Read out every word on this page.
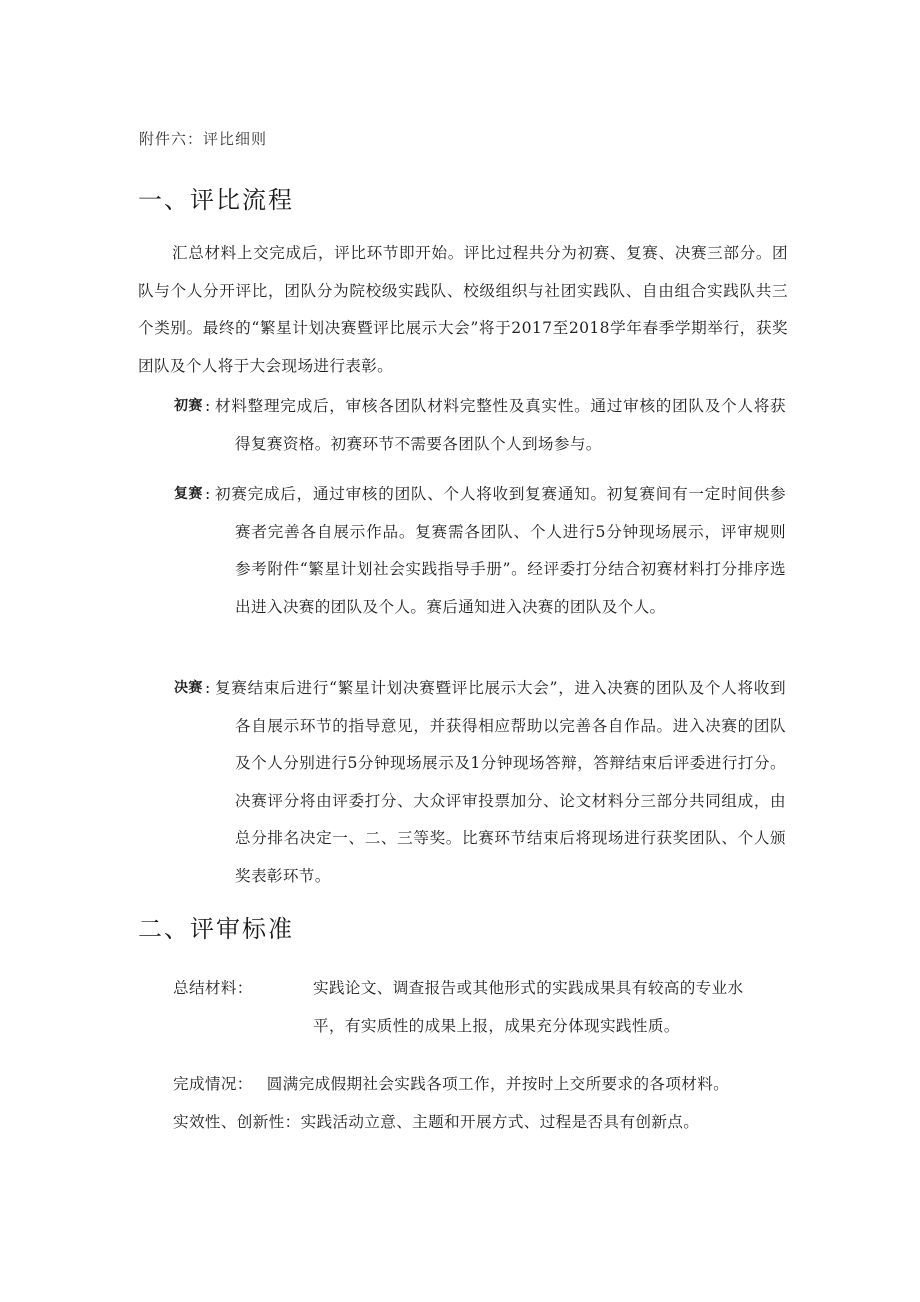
附件六：评比细则
一、评比流程

汇总材料上交完成后，评比环节即开始。评比过程共分为初赛、复赛、决赛三部分。团队与个人分开评比，团队分为院校级实践队、校级组织与社团实践队、自由组合实践队共三个类别。最终的“繁星计划决赛暨评比展示大会”将于2017至2018学年春季学期举行，获奖团队及个人将于大会现场进行表彰。

初赛 : 材料整理完成后，审核各团队材料完整性及真实性。通过审核的团队及个人将获得复赛资格。初赛环节不需要各团队个人到场参与。

复赛 : 初赛完成后，通过审核的团队、个人将收到复赛通知。初复赛间有一定时间供参赛者完善各自展示作品。复赛需各团队、个人进行5分钟现场展示，评审规则参考附件“繁星计划社会实践指导手册”。经评委打分结合初赛材料打分排序选出进入决赛的团队及个人。赛后通知进入决赛的团队及个人。

决赛 : 复赛结束后进行“繁星计划决赛暨评比展示大会”，进入决赛的团队及个人将收到各自展示环节的指导意见，并获得相应帮助以完善各自作品。进入决赛的团队及个人分别进行5分钟现场展示及1分钟现场答辩，答辩结束后评委进行打分。决赛评分将由评委打分、大众评审投票加分、论文材料分三部分共同组成，由总分排名决定一、二、三等奖。比赛环节结束后将现场进行获奖团队、个人颁奖表彰环节。

二、评审标准
总结材料：	实践论文、调查报告或其他形式的实践成果具有较高的专业水平，有实质性的成果上报，成果充分体现实践性质。
完成情况： 圆满完成假期社会实践各项工作，并按时上交所要求的各项材料。
实效性、创新性：实践活动立意、主题和开展方式、过程是否具有创新点。
